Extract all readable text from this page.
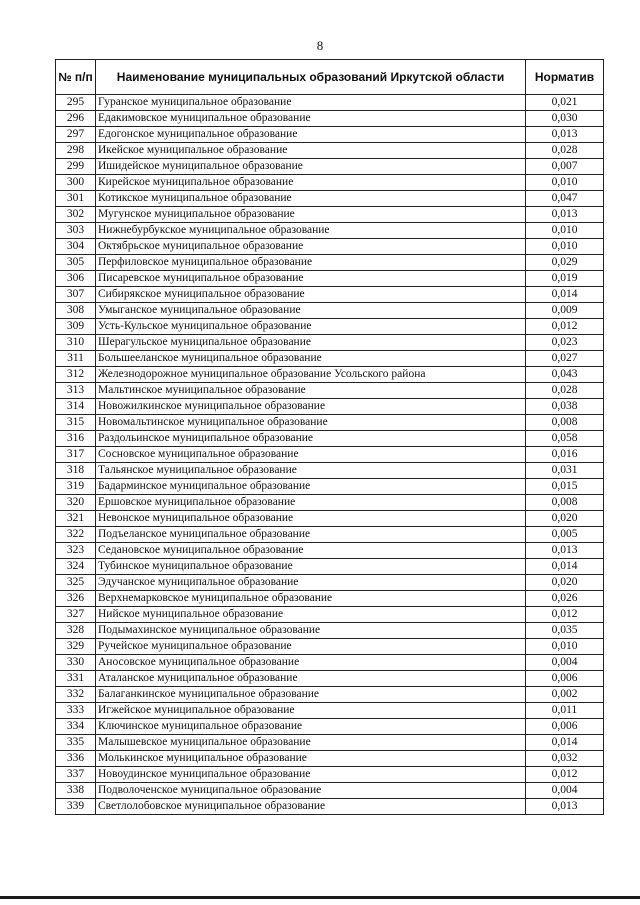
8
№ п/п	Наименование муниципальных образований Иркутской области	Норматив
295	Гуранское муниципальное образование	0,021
296	Едакимовское муниципальное образование	0,030
297	Едогонское муниципальное образование	0,013
298	Икейское муниципальное образование	0,028
299	Ишидейское муниципальное образование	0,007
300	Кирейское муниципальное образование	0,010
301	Котикское муниципальное образование	0,047
302	Мугунское муниципальное образование	0,013
303	Нижнебурбукское муниципальное образование	0,010
304	Октябрьское муниципальное образование	0,010
305	Перфиловское муниципальное образование	0,029
306	Писаревское муниципальное образование	0,019
307	Сибирякское муниципальное образование	0,014
308	Умыганское муниципальное образование	0,009
309	Усть-Кульское муниципальное образование	0,012
310	Шерагульское муниципальное образование	0,023
311	Большееланское муниципальное образование	0,027
312	Железнодорожное муниципальное образование Усольского района	0,043
313	Мальтинское муниципальное образование	0,028
314	Новожилкинское муниципальное образование	0,038
315	Новомальтинское муниципальное образование	0,008
316	Раздольинское муниципальное образование	0,058
317	Сосновское муниципальное образование	0,016
318	Тальянское муниципальное образование	0,031
319	Бадарминское муниципальное образование	0,015
320	Ершовское муниципальное образование	0,008
321	Невонское муниципальное образование	0,020
322	Подъеланское муниципальное образование	0,005
323	Седановское муниципальное образование	0,013
324	Тубинское муниципальное образование	0,014
325	Эдучанское муниципальное образование	0,020
326	Верхнемарковское муниципальное образование	0,026
327	Нийское муниципальное образование	0,012
328	Подымахинское муниципальное образование	0,035
329	Ручейское муниципальное образование	0,010
330	Аносовское муниципальное образование	0,004
331	Аталанское муниципальное образование	0,006
332	Балаганкинское муниципальное образование	0,002
333	Игжейское муниципальное образование	0,011
334	Ключинское муниципальное образование	0,006
335	Малышевское муниципальное образование	0,014
336	Молькинское муниципальное образование	0,032
337	Новоудинское муниципальное образование	0,012
338	Подволоченское муниципальное образование	0,004
339	Светлолобовское муниципальное образование	0,013
